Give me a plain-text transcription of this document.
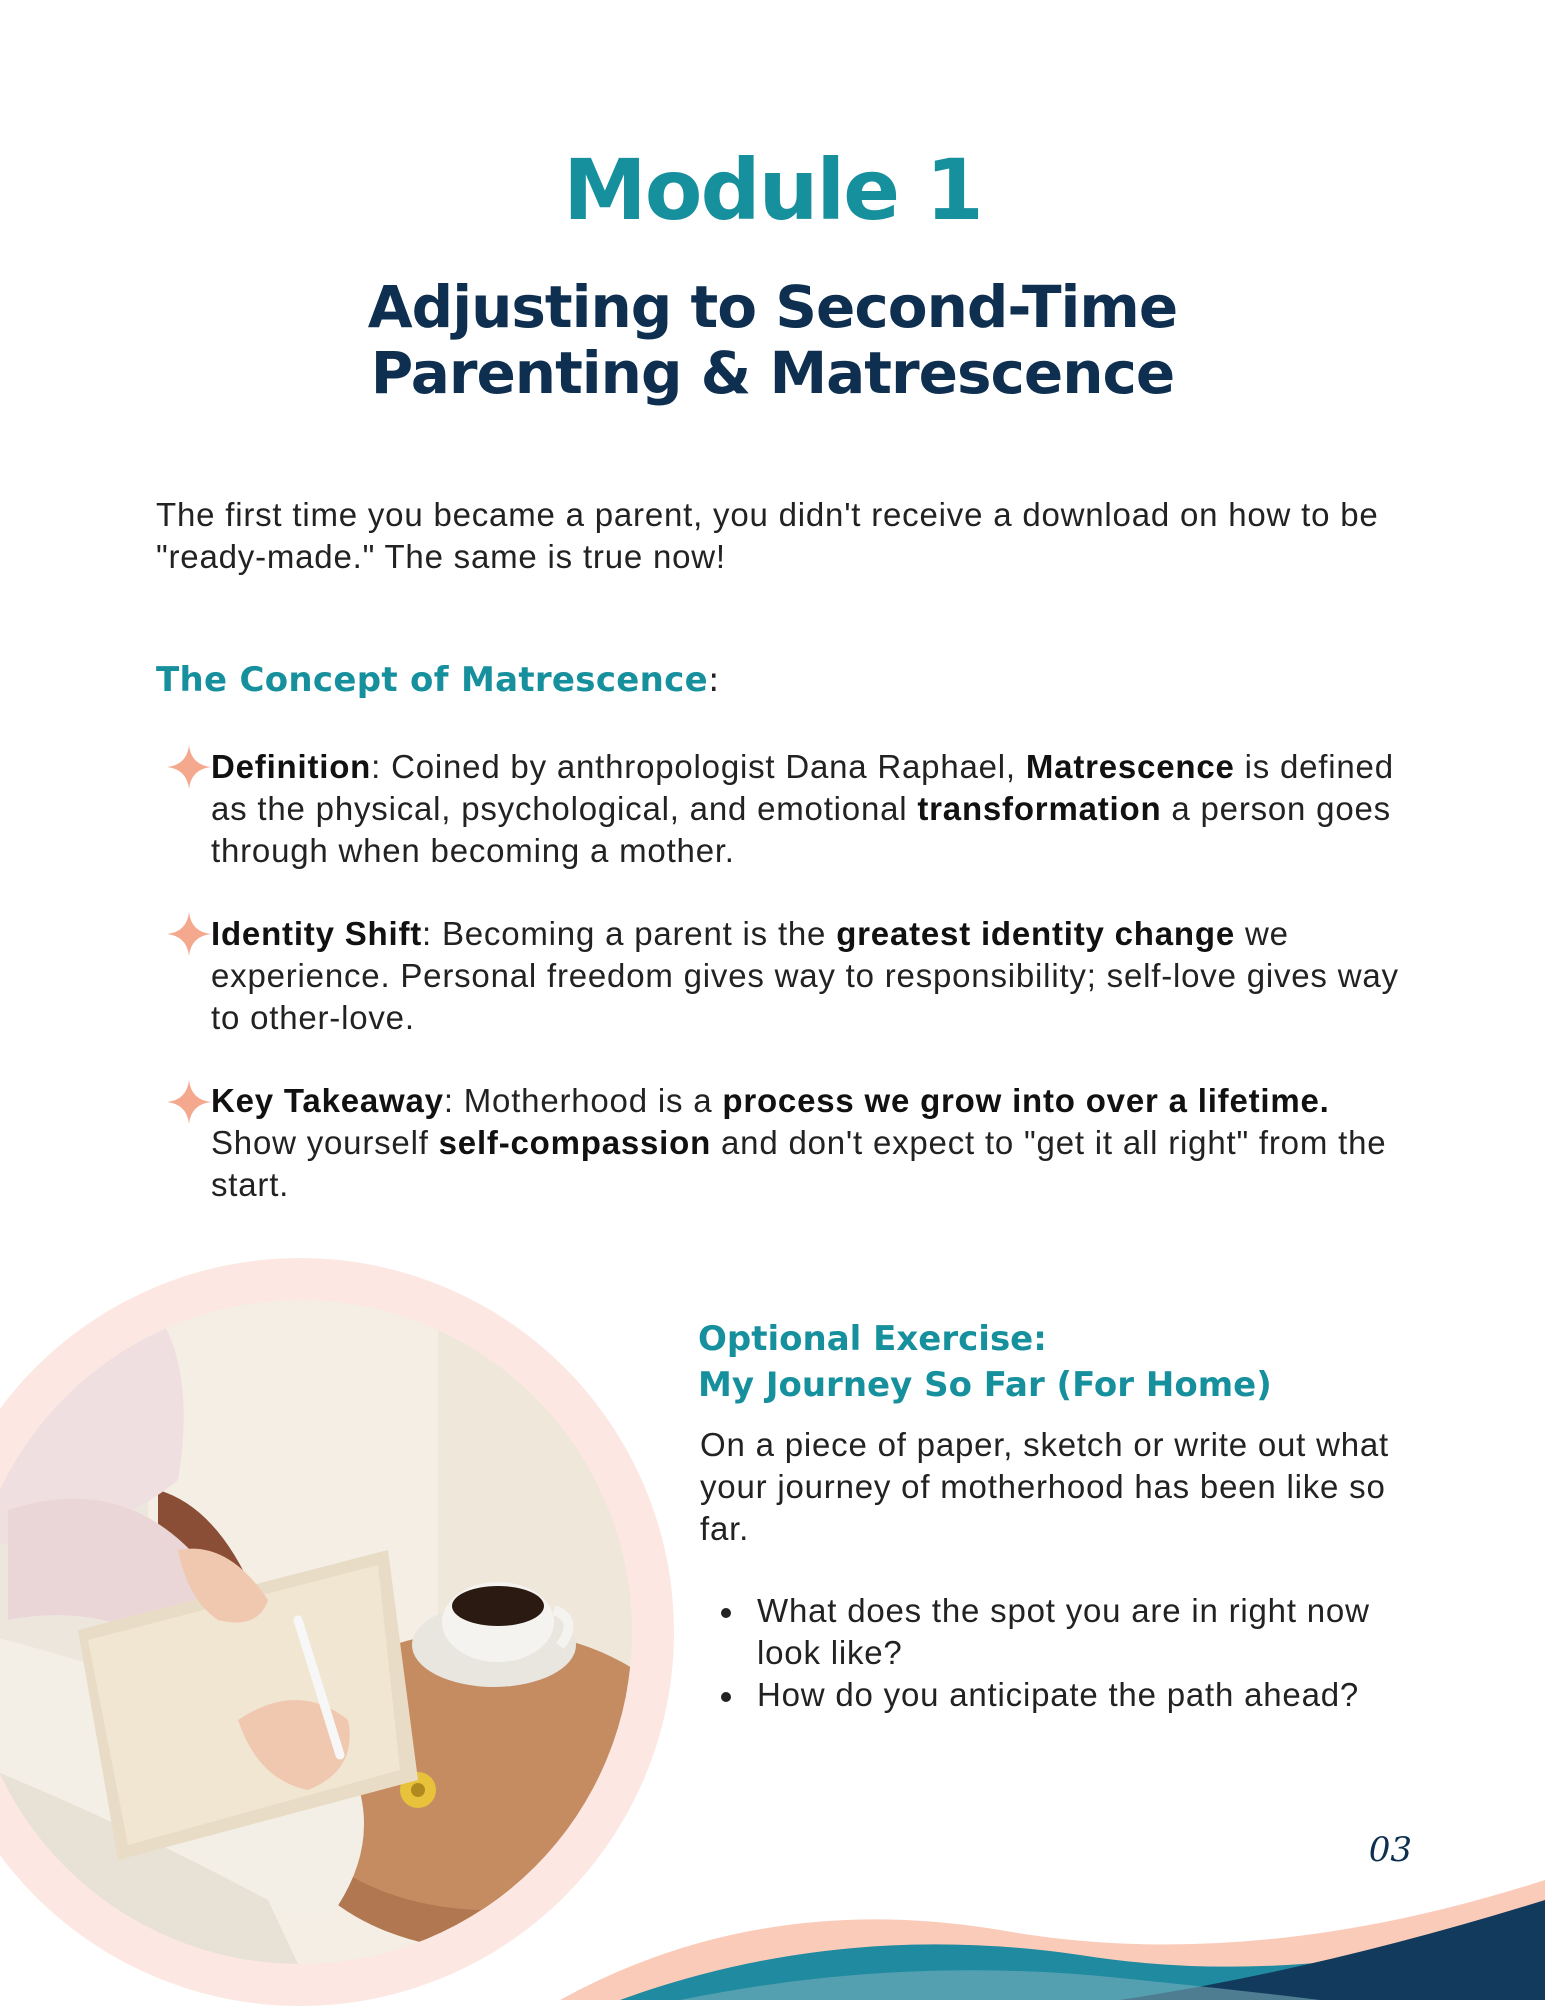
Module 1
Adjusting to Second-Time
Parenting & Matrescence

The first time you became a parent, you didn't receive a download on how to be "ready-made." The same is true now!

The Concept of Matrescence:

Definition: Coined by anthropologist Dana Raphael, Matrescence is defined as the physical, psychological, and emotional transformation a person goes through when becoming a mother.

Identity Shift: Becoming a parent is the greatest identity change we experience. Personal freedom gives way to responsibility; self-love gives way to other-love.

Key Takeaway: Motherhood is a process we grow into over a lifetime. Show yourself self-compassion and don't expect to "get it all right" from the start.

Optional Exercise:
My Journey So Far (For Home)

On a piece of paper, sketch or write out what your journey of motherhood has been like so far.

What does the spot you are in right now look like?
How do you anticipate the path ahead?
03
